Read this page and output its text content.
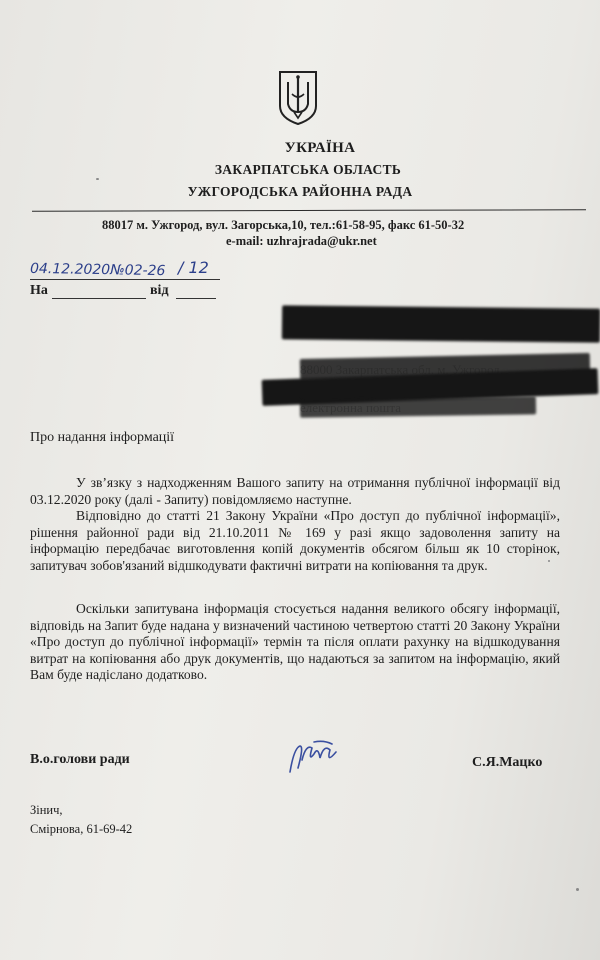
УКРАЇНА
ЗАКАРПАТСЬКА ОБЛАСТЬ
УЖГОРОДСЬКА РАЙОННА РАДА
88017 м. Ужгород, вул. Загорська,10, тел.:61-58-95, факс 61-50-32
e-mail: uzhrajrada@ukr.net
04.12.2020№02-26 / 12
На	від
Про надання інформації

У зв’язку з надходженням Вашого запиту на отримання публічної інформації від 03.12.2020 року (далі - Запиту) повідомляємо наступне.

Відповідно до статті 21 Закону України «Про доступ до публічної інформації», рішення районної ради від 21.10.2011 № 169 у разі якщо задоволення запиту на інформацію передбачає виготовлення копій документів обсягом більш як 10 сторінок, запитувач зобов'язаний відшкодувати фактичні витрати на копіювання та друк.

Оскільки запитувана інформація стосується надання великого обсягу інформації, відповідь на Запит буде надана у визначений частиною четвертою статті 20 Закону України «Про доступ до публічної інформації» термін та після оплати рахунку на відшкодування витрат на копіювання або друк документів, що надаються за запитом на інформацію, який Вам буде надіслано додатково.

В.о.голови ради	С.Я.Мацко
Зінич,
Смірнова, 61-69-42
